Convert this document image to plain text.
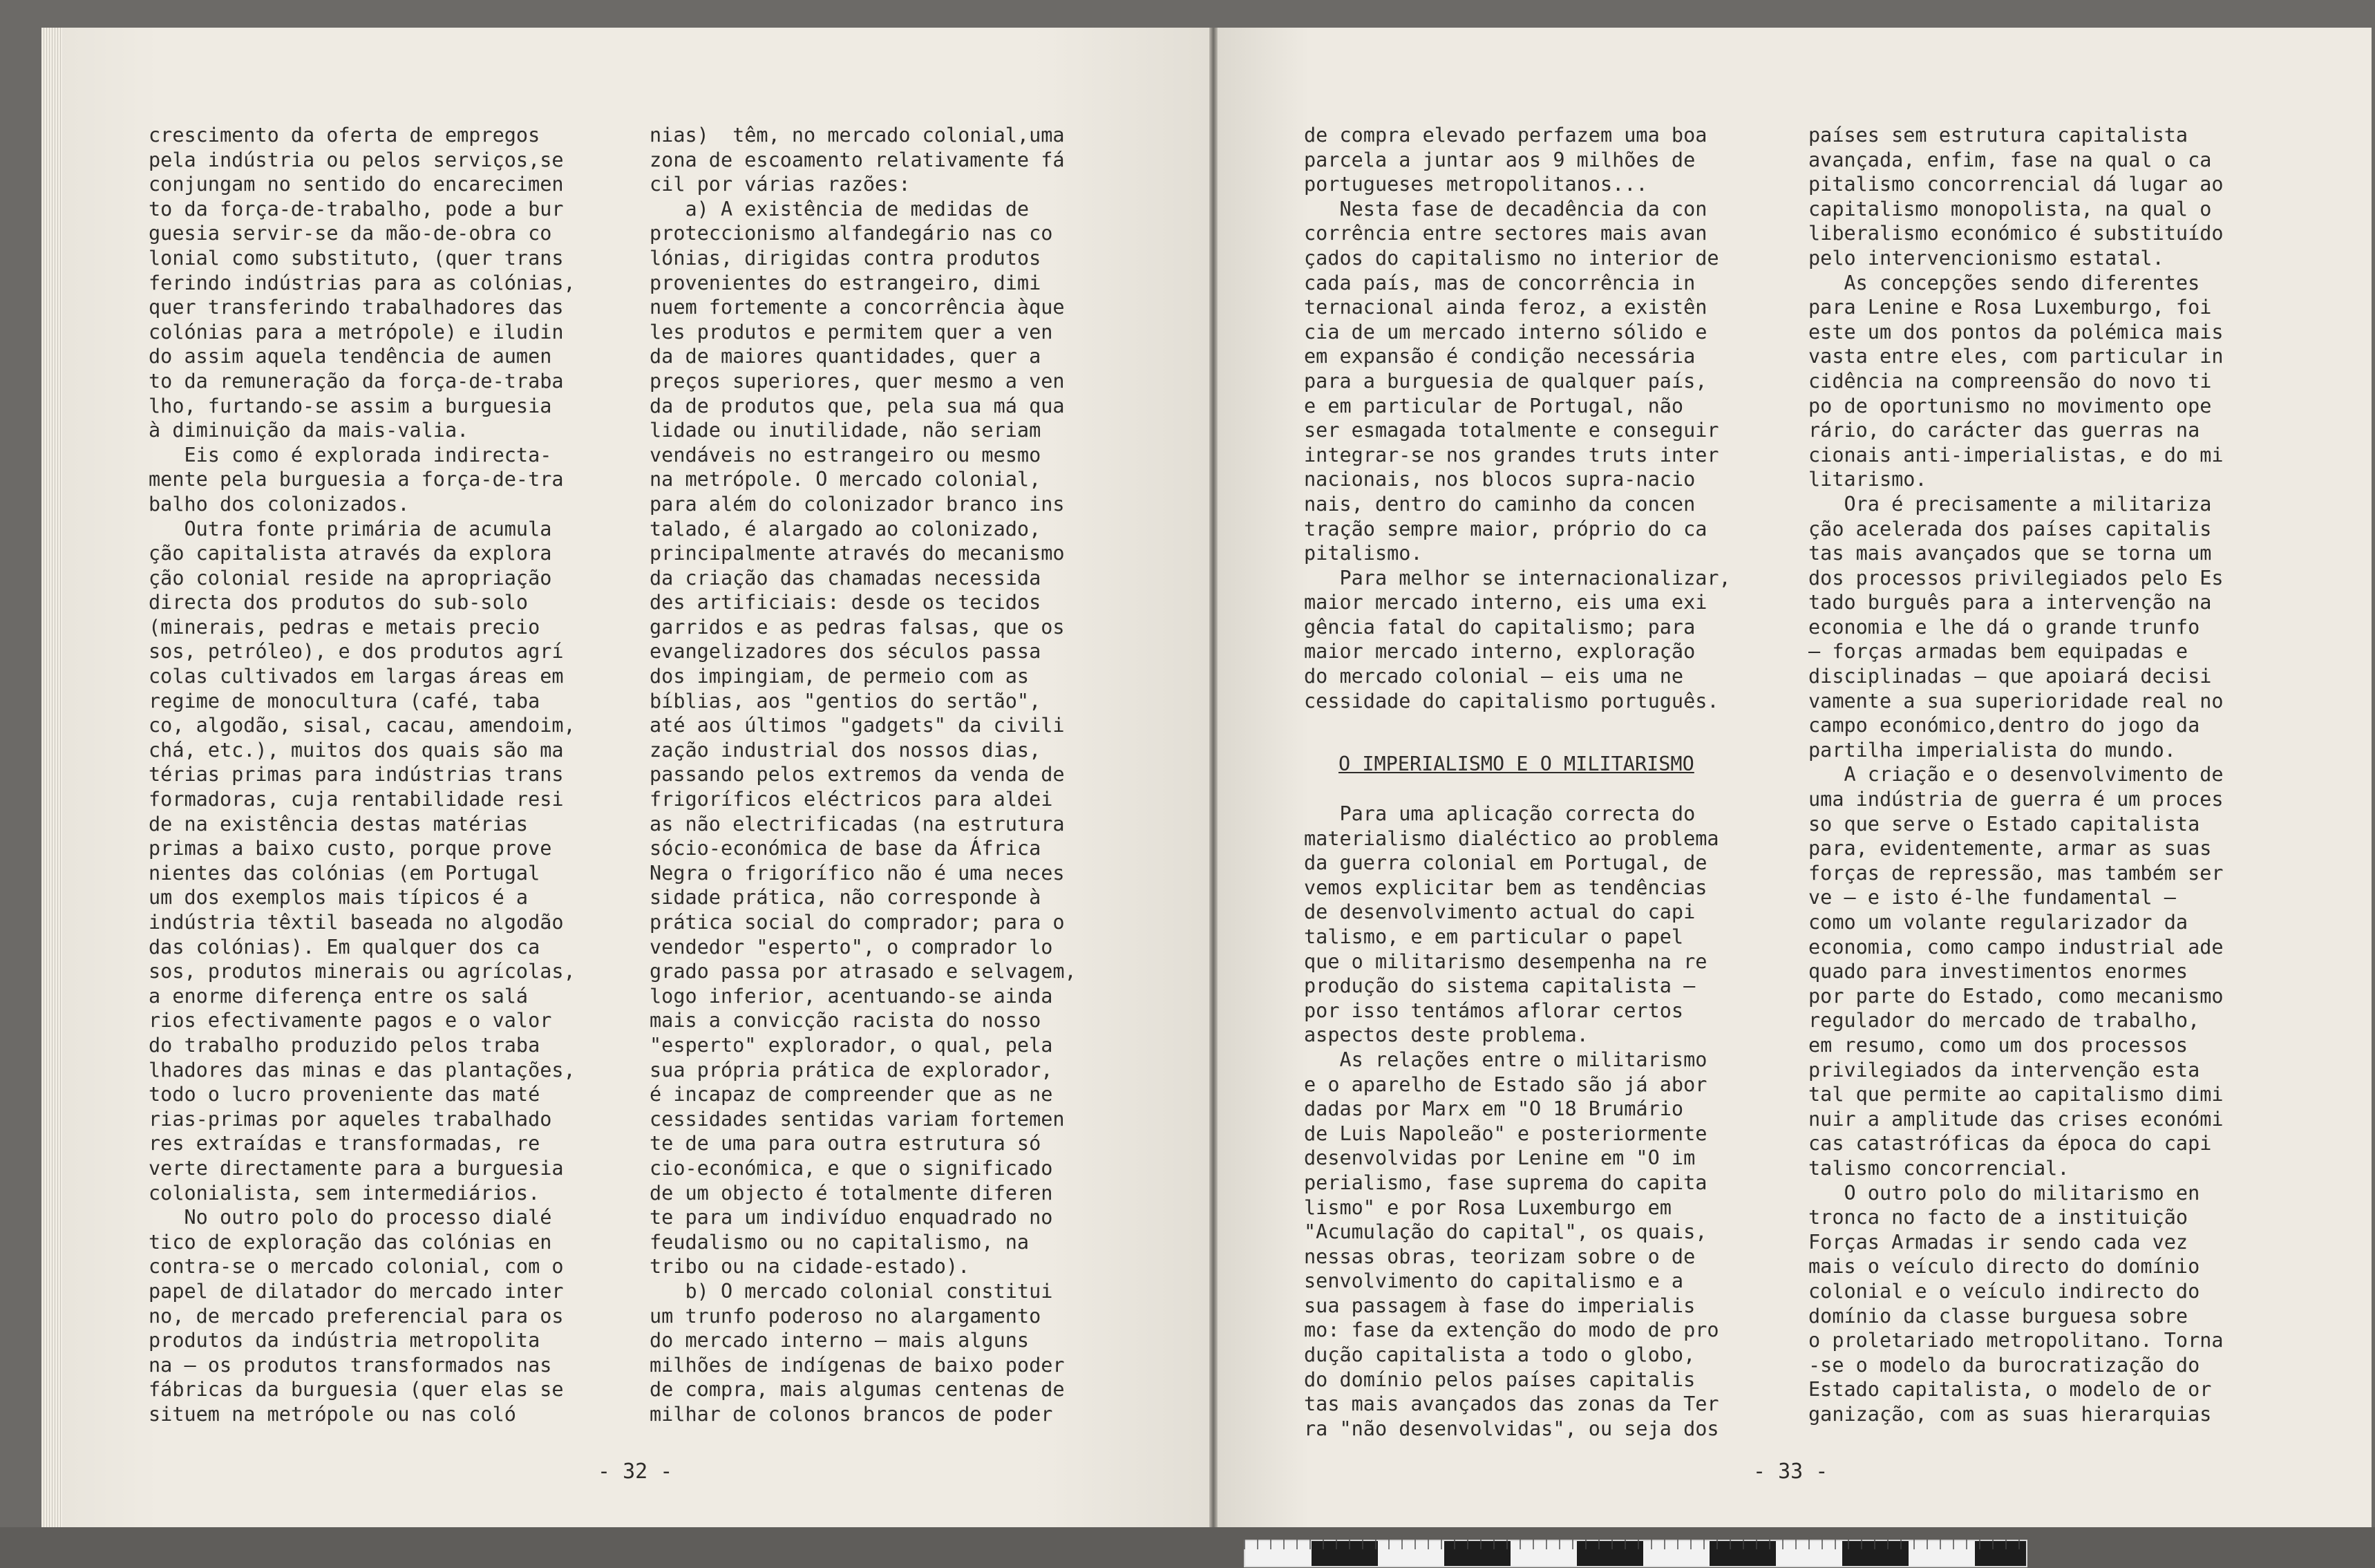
crescimento da oferta de empregos
pela indústria ou pelos serviços,se
conjungam no sentido do encarecimen
to da força-de-trabalho, pode a bur
guesia servir-se da mão-de-obra co
lonial como substituto, (quer trans
ferindo indústrias para as colónias,
quer transferindo trabalhadores das
colónias para a metrópole) e iludin
do assim aquela tendência de aumen
to da remuneração da força-de-traba
lho, furtando-se assim a burguesia
à diminuição da mais-valia.
Eis como é explorada indirecta-
mente pela burguesia a força-de-tra
balho dos colonizados.
Outra fonte primária de acumula
ção capitalista através da explora
ção colonial reside na apropriação
directa dos produtos do sub-solo
(minerais, pedras e metais precio
sos, petróleo), e dos produtos agrí
colas cultivados em largas áreas em
regime de monocultura (café, taba
co, algodão, sisal, cacau, amendoim,
chá, etc.), muitos dos quais são ma
térias primas para indústrias trans
formadoras, cuja rentabilidade resi
de na existência destas matérias
primas a baixo custo, porque prove
nientes das colónias (em Portugal
um dos exemplos mais típicos é a
indústria têxtil baseada no algodão
das colónias). Em qualquer dos ca
sos, produtos minerais ou agrícolas,
a enorme diferença entre os salá
rios efectivamente pagos e o valor
do trabalho produzido pelos traba
lhadores das minas e das plantações,
todo o lucro proveniente das maté
rias-primas por aqueles trabalhado
res extraídas e transformadas, re
verte directamente para a burguesia
colonialista, sem intermediários.
No outro polo do processo dialé
tico de exploração das colónias en
contra-se o mercado colonial, com o
papel de dilatador do mercado inter
no, de mercado preferencial para os
produtos da indústria metropolita
na — os produtos transformados nas
fábricas da burguesia (quer elas se
situem na metrópole ou nas coló
nias)  têm, no mercado colonial,uma
zona de escoamento relativamente fá
cil por várias razões:
a) A existência de medidas de
proteccionismo alfandegário nas co
lónias, dirigidas contra produtos
provenientes do estrangeiro, dimi
nuem fortemente a concorrência àque
les produtos e permitem quer a ven
da de maiores quantidades, quer a
preços superiores, quer mesmo a ven
da de produtos que, pela sua má qua
lidade ou inutilidade, não seriam
vendáveis no estrangeiro ou mesmo
na metrópole. O mercado colonial,
para além do colonizador branco ins
talado, é alargado ao colonizado,
principalmente através do mecanismo
da criação das chamadas necessida
des artificiais: desde os tecidos
garridos e as pedras falsas, que os
evangelizadores dos séculos passa
dos impingiam, de permeio com as
bíblias, aos "gentios do sertão",
até aos últimos "gadgets" da civili
zação industrial dos nossos dias,
passando pelos extremos da venda de
frigoríficos eléctricos para aldei
as não electrificadas (na estrutura
sócio-económica de base da África
Negra o frigorífico não é uma neces
sidade prática, não corresponde à
prática social do comprador; para o
vendedor "esperto", o comprador lo
grado passa por atrasado e selvagem,
logo inferior, acentuando-se ainda
mais a convicção racista do nosso
"esperto" explorador, o qual, pela
sua própria prática de explorador,
é incapaz de compreender que as ne
cessidades sentidas variam fortemen
te de uma para outra estrutura só
cio-económica, e que o significado
de um objecto é totalmente diferen
te para um indivíduo enquadrado no
feudalismo ou no capitalismo, na
tribo ou na cidade-estado).
b) O mercado colonial constitui
um trunfo poderoso no alargamento
do mercado interno — mais alguns
milhões de indígenas de baixo poder
de compra, mais algumas centenas de
milhar de colonos brancos de poder
- 32 -
de compra elevado perfazem uma boa
parcela a juntar aos 9 milhões de
portugueses metropolitanos...
Nesta fase de decadência da con
corrência entre sectores mais avan
çados do capitalismo no interior de
cada país, mas de concorrência in
ternacional ainda feroz, a existên
cia de um mercado interno sólido e
em expansão é condição necessária
para a burguesia de qualquer país,
e em particular de Portugal, não
ser esmagada totalmente e conseguir
integrar-se nos grandes truts inter
nacionais, nos blocos supra-nacio
nais, dentro do caminho da concen
tração sempre maior, próprio do ca
pitalismo.
Para melhor se internacionalizar,
maior mercado interno, eis uma exi
gência fatal do capitalismo; para
maior mercado interno, exploração
do mercado colonial — eis uma ne
cessidade do capitalismo português.
O IMPERIALISMO E O MILITARISMO
Para uma aplicação correcta do
materialismo dialéctico ao problema
da guerra colonial em Portugal, de
vemos explicitar bem as tendências
de desenvolvimento actual do capi
talismo, e em particular o papel
que o militarismo desempenha na re
produção do sistema capitalista —
por isso tentámos aflorar certos
aspectos deste problema.
As relações entre o militarismo
e o aparelho de Estado são já abor
dadas por Marx em "O 18 Brumário
de Luis Napoleão" e posteriormente
desenvolvidas por Lenine em "O im
perialismo, fase suprema do capita
lismo" e por Rosa Luxemburgo em
"Acumulação do capital", os quais,
nessas obras, teorizam sobre o de
senvolvimento do capitalismo e a
sua passagem à fase do imperialis
mo: fase da extenção do modo de pro
dução capitalista a todo o globo,
do domínio pelos países capitalis
tas mais avançados das zonas da Ter
ra "não desenvolvidas", ou seja dos
países sem estrutura capitalista
avançada, enfim, fase na qual o ca
pitalismo concorrencial dá lugar ao
capitalismo monopolista, na qual o
liberalismo económico é substituído
pelo intervencionismo estatal.
As concepções sendo diferentes
para Lenine e Rosa Luxemburgo, foi
este um dos pontos da polémica mais
vasta entre eles, com particular in
cidência na compreensão do novo ti
po de oportunismo no movimento ope
rário, do carácter das guerras na
cionais anti-imperialistas, e do mi
litarismo.
Ora é precisamente a militariza
ção acelerada dos países capitalis
tas mais avançados que se torna um
dos processos privilegiados pelo Es
tado burguês para a intervenção na
economia e lhe dá o grande trunfo
— forças armadas bem equipadas e
disciplinadas — que apoiará decisi
vamente a sua superioridade real no
campo económico,dentro do jogo da
partilha imperialista do mundo.
A criação e o desenvolvimento de
uma indústria de guerra é um proces
so que serve o Estado capitalista
para, evidentemente, armar as suas
forças de repressão, mas também ser
ve — e isto é-lhe fundamental —
como um volante regularizador da
economia, como campo industrial ade
quado para investimentos enormes
por parte do Estado, como mecanismo
regulador do mercado de trabalho,
em resumo, como um dos processos
privilegiados da intervenção esta
tal que permite ao capitalismo dimi
nuir a amplitude das crises económi
cas catastróficas da época do capi
talismo concorrencial.
O outro polo do militarismo en
tronca no facto de a instituição
Forças Armadas ir sendo cada vez
mais o veículo directo do domínio
colonial e o veículo indirecto do
domínio da classe burguesa sobre
o proletariado metropolitano. Torna
-se o modelo da burocratização do
Estado capitalista, o modelo de or
ganização, com as suas hierarquias
- 33 -
